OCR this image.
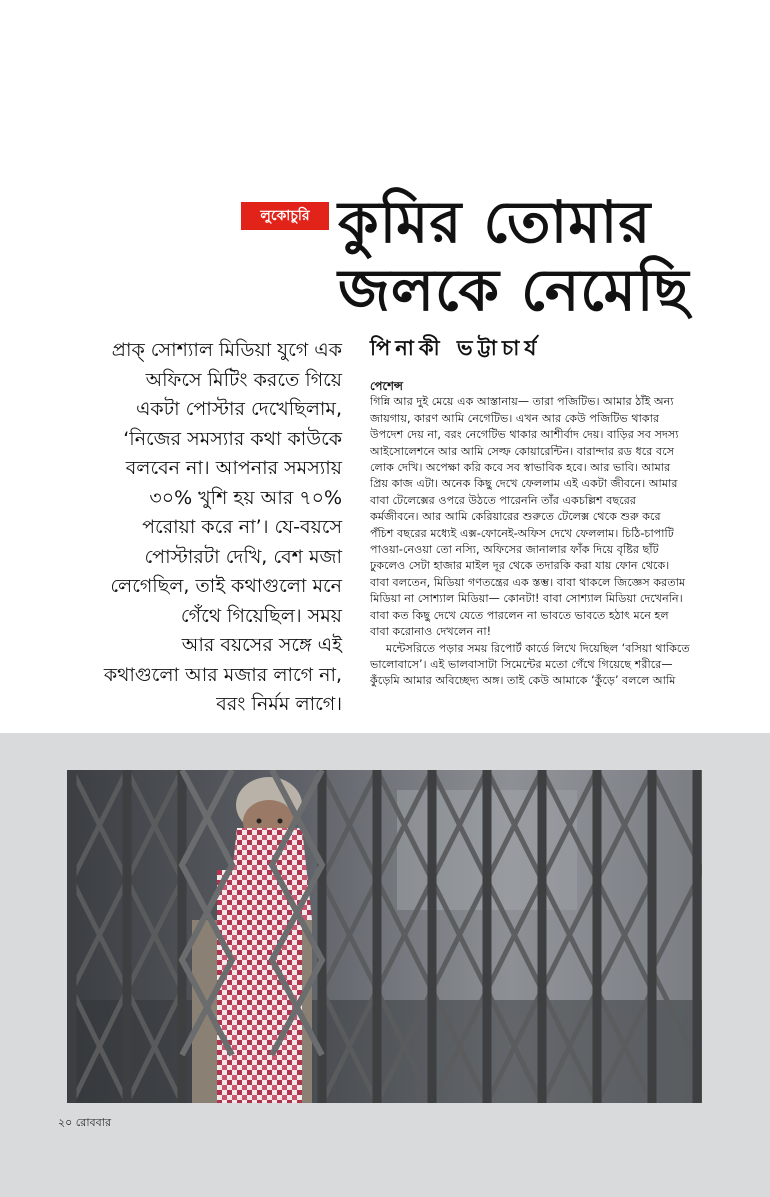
লুকোচুরি কুমির তোমার
জলকে নেমেছি
পিনাকী ভট্টাচার্য
প্রাক্ সোশ্যাল মিডিয়া যুগে এক
অফিসে মিটিং করতে গিয়ে
একটা পোস্টার দেখেছিলাম,
‘নিজের সমস্যার কথা কাউকে
বলবেন না। আপনার সমস্যায়
৩০% খুশি হয় আর ৭০%
পরোয়া করে না’। যে-বয়সে
পোস্টারটা দেখি, বেশ মজা
লেগেছিল, তাই কথাগুলো মনে
গেঁথে গিয়েছিল। সময়
আর বয়সের সঙ্গে এই
কথাগুলো আর মজার লাগে না,
বরং নির্মম লাগে।
পেশেন্স
গিন্নি আর দুই মেয়ে এক আস্তানায়— তারা পজিটিভ। আমার ঠাঁই অন্য
জায়গায়, কারণ আমি নেগেটিভ। এখন আর কেউ পজিটিভ থাকার
উপদেশ দেয় না, বরং নেগেটিভ থাকার আশীর্বাদ দেয়। বাড়ির সব সদস্য
আইসোলেশনে আর আমি সেল্ফ কোয়ারেন্টিন। বারান্দার রড ধরে বসে
লোক দেখি। অপেক্ষা করি কবে সব স্বাভাবিক হবে। আর ভাবি। আমার
প্রিয় কাজ এটা। অনেক কিছু দেখে ফেললাম এই একটা জীবনে। আমার
বাবা টেলেক্সের ওপরে উঠতে পারেননি তাঁর একচল্লিশ বছরের
কর্মজীবনে। আর আমি কেরিয়ারের শুরুতে টেলেক্স থেকে শুরু করে
পঁচিশ বছরের মধ্যেই এক্স-ফোনেই-অফিস দেখে ফেললাম। চিঠি-চাপাটি
পাওয়া-নেওয়া তো নস্যি, অফিসের জানালার ফাঁক দিয়ে বৃষ্টির ছাঁট
ঢুকলেও সেটা হাজার মাইল দূর থেকে তদারকি করা যায় ফোন থেকে।
বাবা বলতেন, মিডিয়া গণতন্ত্রের এক স্তম্ভ। বাবা থাকলে জিজ্ঞেস করতাম
মিডিয়া না সোশ্যাল মিডিয়া— কোনটা! বাবা সোশ্যাল মিডিয়া দেখেননি।
বাবা কত কিছু দেখে যেতে পারলেন না ভাবতে ভাবতে হঠাৎ মনে হল
বাবা করোনাও দেখলেন না!
মন্টেসরিতে পড়ার সময় রিপোর্ট কার্ডে লিখে দিয়েছিল ‘বসিয়া থাকিতে
ভালোবাসে’। এই ভালবাসাটা সিমেন্টের মতো গেঁথে গিয়েছে শরীরে—
কুঁড়েমি আমার অবিচ্ছেদ্য অঙ্গ। তাই কেউ আমাকে ‘কুঁড়ে’ বললে আমি
২০ রোববার
